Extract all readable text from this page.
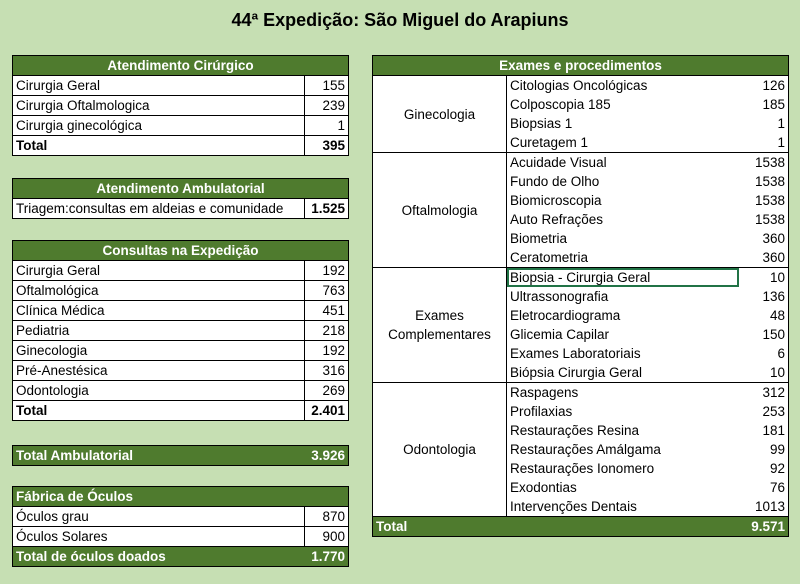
44ª Expedição: São Miguel do Arapiuns
Atendimento Cirúrgico	
Cirurgia Geral	155
Cirurgia Oftalmologica	239
Cirurgia ginecológica	1
Total	395
Atendimento Ambulatorial
Triagem:consultas em aldeias e comunidade	1.525
Consultas na Expedição	
Cirurgia Geral	192
Oftalmológica	763
Clínica Médica	451
Pediatria	218
Ginecologia	192
Pré-Anestésica	316
Odontologia	269
Total	2.401
Total Ambulatorial	3.926
Fábrica de Óculos	
Óculos grau	870
Óculos Solares	900
Total de óculos doados	1.770
Exames e procedimentos		
Ginecologia	Citologias Oncológicas	126
	Colposcopia 185	185
	Biopsias 1	1
	Curetagem 1	1
Oftalmologia	Acuidade Visual	1538
	Fundo de Olho	1538
	Biomicroscopia	1538
	Auto Refrações	1538
	Biometria	360
	Ceratometria	360
Exames Complementares	Biopsia - Cirurgia Geral	10
	Ultrassonografia	136
	Eletrocardiograma	48
	Glicemia Capilar	150
	Exames Laboratoriais	6
	Biópsia Cirurgia Geral	10
Odontologia	Raspagens	312
	Profilaxias	253
	Restaurações Resina	181
	Restaurações Amálgama	99
	Restaurações Ionomero	92
	Exodontias	76
	Intervenções Dentais	1013
Total		9.571
